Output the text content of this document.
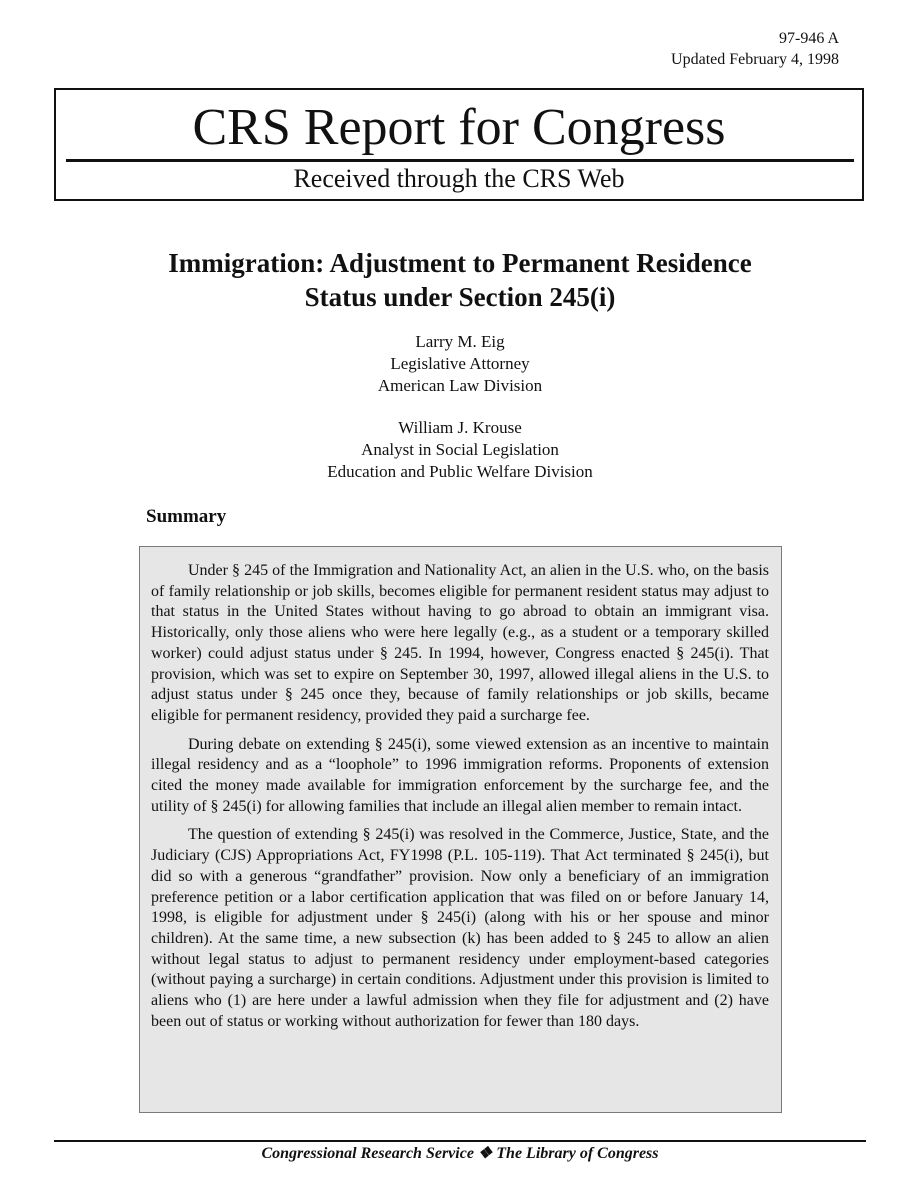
97-946 A
Updated February 4, 1998
CRS Report for Congress
Received through the CRS Web
Immigration: Adjustment to Permanent Residence
Status under Section 245(i)
Larry M. Eig
Legislative Attorney
American Law Division
William J. Krouse
Analyst in Social Legislation
Education and Public Welfare Division
Summary

Under § 245 of the Immigration and Nationality Act, an alien in the U.S. who, on the basis of family relationship or job skills, becomes eligible for permanent resident status may adjust to that status in the United States without having to go abroad to obtain an immigrant visa. Historically, only those aliens who were here legally (e.g., as a student or a temporary skilled worker) could adjust status under § 245. In 1994, however, Congress enacted § 245(i). That provision, which was set to expire on September 30, 1997, allowed illegal aliens in the U.S. to adjust status under § 245 once they, because of family relationships or job skills, became eligible for permanent residency, provided they paid a surcharge fee.

During debate on extending § 245(i), some viewed extension as an incentive to maintain illegal residency and as a “loophole” to 1996 immigration reforms. Proponents of extension cited the money made available for immigration enforcement by the surcharge fee, and the utility of § 245(i) for allowing families that include an illegal alien member to remain intact.

The question of extending § 245(i) was resolved in the Commerce, Justice, State, and the Judiciary (CJS) Appropriations Act, FY1998 (P.L. 105-119). That Act terminated § 245(i), but did so with a generous “grandfather” provision. Now only a beneficiary of an immigration preference petition or a labor certification application that was filed on or before January 14, 1998, is eligible for adjustment under § 245(i) (along with his or her spouse and minor children). At the same time, a new subsection (k) has been added to § 245 to allow an alien without legal status to adjust to permanent residency under employment-based categories (without paying a surcharge) in certain conditions. Adjustment under this provision is limited to aliens who (1) are here under a lawful admission when they file for adjustment and (2) have been out of status or working without authorization for fewer than 180 days.

Congressional Research Service ❖ The Library of Congress
